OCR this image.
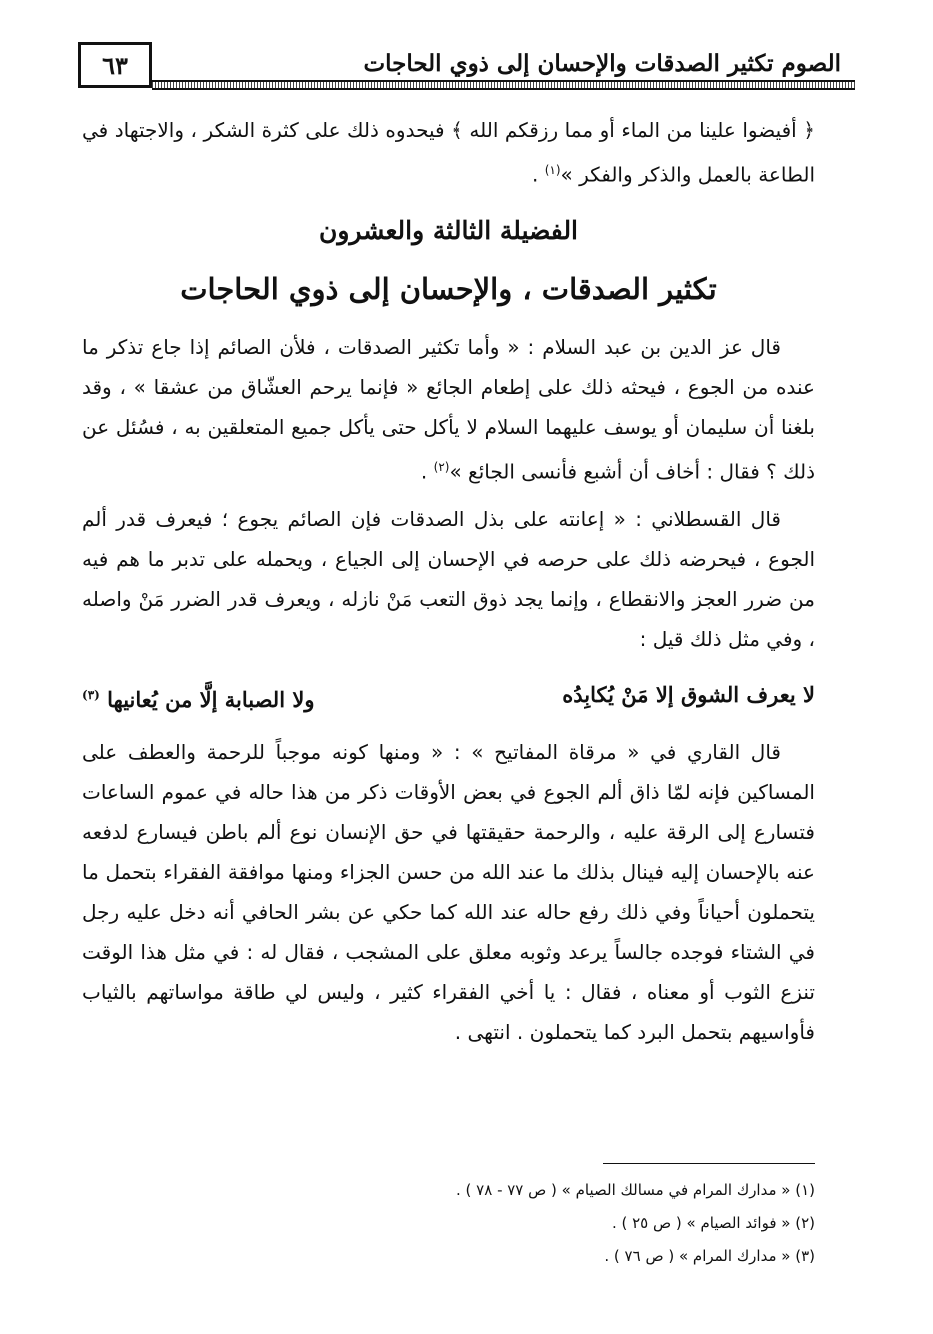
الصوم تكثير الصدقات والإحسان إلى ذوي الحاجات
٦٣

﴿ أفيضوا علينا من الماء أو مما رزقكم الله ﴾ فيحدوه ذلك على كثرة الشكر ، والاجتهاد في الطاعة بالعمل والذكر والفكر »$^{(١)}$ .

الفضيلة الثالثة والعشرون
تكثير الصدقات ، والإحسان إلى ذوي الحاجات

قال عز الدين بن عبد السلام : « وأما تكثير الصدقات ، فلأن الصائم إذا جاع تذكر ما عنده من الجوع ، فيحثه ذلك على إطعام الجائع « فإنما يرحم العشّاق من عشقا » ، وقد بلغنا أن سليمان أو يوسف عليهما السلام لا يأكل حتى يأكل جميع المتعلقين به ، فسُئل عن ذلك ؟ فقال : أخاف أن أشبع فأنسى الجائع »$^{(٢)}$ .

قال القسطلاني : « إعانته على بذل الصدقات فإن الصائم يجوع ؛ فيعرف قدر ألم الجوع ، فيحرضه ذلك على حرصه في الإحسان إلى الجياع ، ويحمله على تدبر ما هم فيه من ضرر العجز والانقطاع ، وإنما يجد ذوق التعب مَنْ نازله ، ويعرف قدر الضرر مَنْ واصله ، وفي مثل ذلك قيل :

لا يعرف الشوق إلا مَنْ يُكابِدُه
ولا الصبابة إلَّا من يُعانيها $^{(٣)}$

قال القاري في « مرقاة المفاتيح » : « ومنها كونه موجباً للرحمة والعطف على المساكين فإنه لمّا ذاق ألم الجوع في بعض الأوقات ذكر من هذا حاله في عموم الساعات فتسارع إلى الرقة عليه ، والرحمة حقيقتها في حق الإنسان نوع ألم باطن فيسارع لدفعه عنه بالإحسان إليه فينال بذلك ما عند الله من حسن الجزاء ومنها موافقة الفقراء بتحمل ما يتحملون أحياناً وفي ذلك رفع حاله عند الله كما حكي عن بشر الحافي أنه دخل عليه رجل في الشتاء فوجده جالساً يرعد وثوبه معلق على المشجب ، فقال له : في مثل هذا الوقت تنزع الثوب أو معناه ، فقال : يا أخي الفقراء كثير ، وليس لي طاقة مواساتهم بالثياب فأواسيهم بتحمل البرد كما يتحملون . انتهى .

(١) « مدارك المرام في مسالك الصيام » ( ص ٧٧ - ٧٨ ) .
(٢) « فوائد الصيام » ( ص ٢٥ ) .
(٣) « مدارك المرام » ( ص ٧٦ ) .
